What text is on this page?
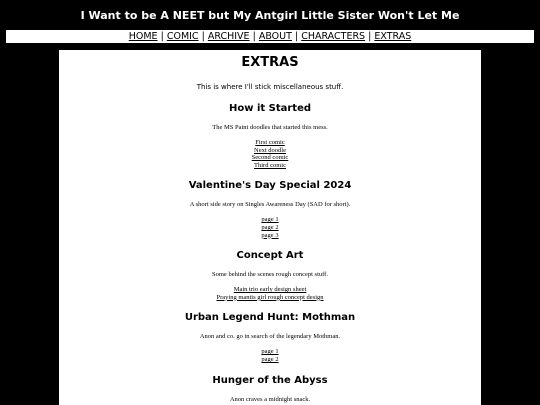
I Want to be A NEET but My Antgirl Little Sister Won't Let Me
HOME | COMIC | ARCHIVE | ABOUT | CHARACTERS | EXTRAS
EXTRAS
This is where I'll stick miscellaneous stuff.
How it Started
The MS Paint doodles that started this mess.
First comic
Next doodle
Second comic
Third comic
Valentine's Day Special 2024
A short side story on Singles Awareness Day (SAD for short).
page 1
page 2
page 3
Concept Art
Some behind the scenes rough concept stuff.
Main trio early design sheet
Praying mantis girl rough concept design
Urban Legend Hunt: Mothman
Anon and co. go in search of the legendary Mothman.
page 1
page 2
Hunger of the Abyss
Anon craves a midnight snack.
